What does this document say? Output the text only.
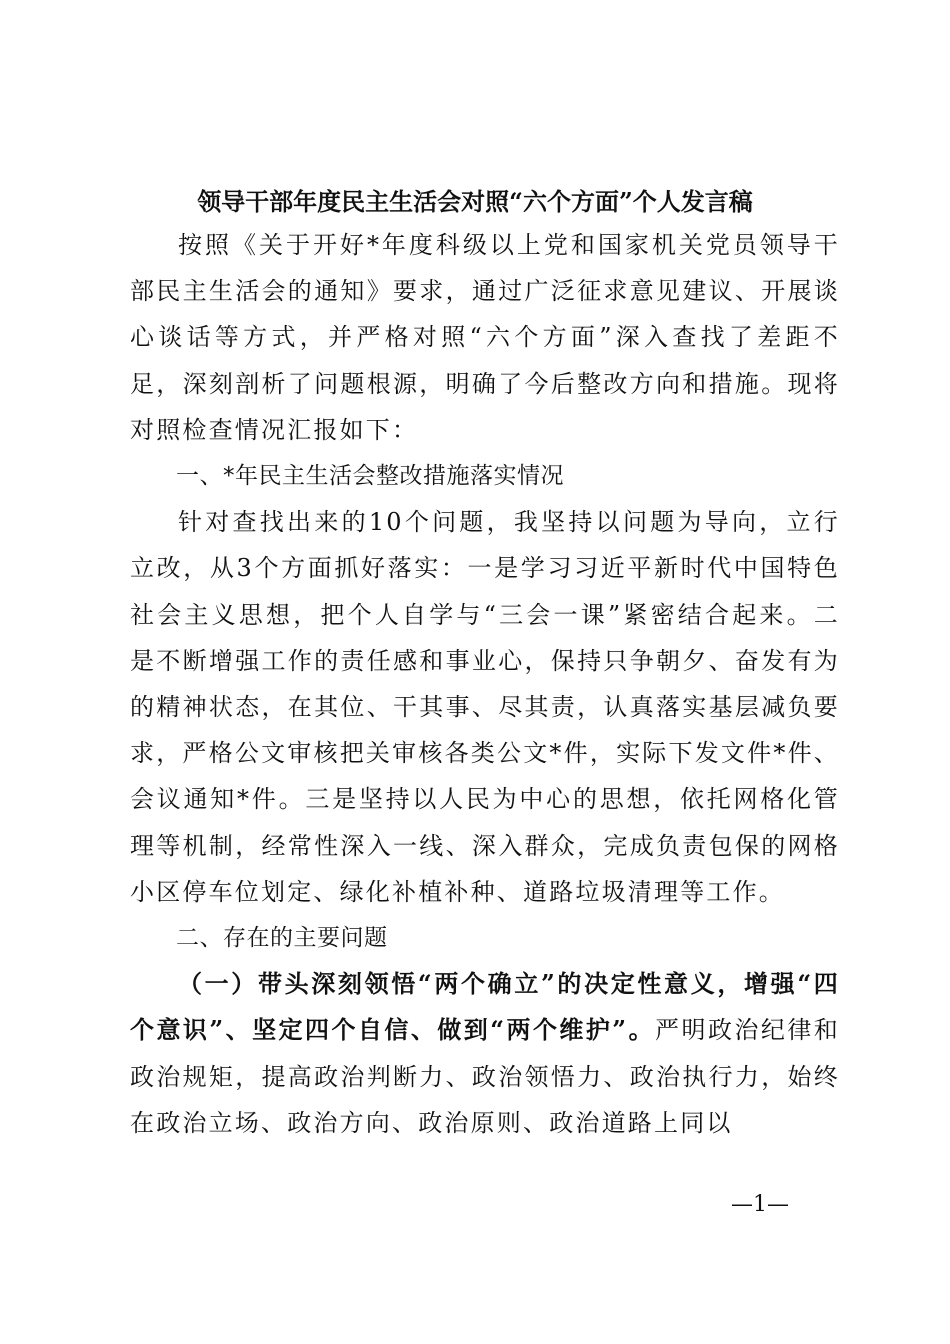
领导干部年度民主生活会对照“六个方面”个人发言稿

按照《关于开好*年度科级以上党和国家机关党员领导干部民主生活会的通知》要求，通过广泛征求意见建议、开展谈心谈话等方式，并严格对照“六个方面”深入查找了差距不足，深刻剖析了问题根源，明确了今后整改方向和措施。现将对照检查情况汇报如下：

一、*年民主生活会整改措施落实情况

针对查找出来的10个问题，我坚持以问题为导向，立行立改，从3个方面抓好落实：一是学习习近平新时代中国特色社会主义思想，把个人自学与“三会一课”紧密结合起来。二是不断增强工作的责任感和事业心，保持只争朝夕、奋发有为的精神状态，在其位、干其事、尽其责，认真落实基层减负要求，严格公文审核把关审核各类公文*件，实际下发文件*件、会议通知*件。三是坚持以人民为中心的思想，依托网格化管理等机制，经常性深入一线、深入群众，完成负责包保的网格小区停车位划定、绿化补植补种、道路垃圾清理等工作。

二、存在的主要问题

（一）带头深刻领悟“两个确立”的决定性意义，增强“四个意识”、坚定四个自信、做到“两个维护”。严明政治纪律和政治规矩，提高政治判断力、政治领悟力、政治执行力，始终在政治立场、政治方向、政治原则、政治道路上同以

—1—
